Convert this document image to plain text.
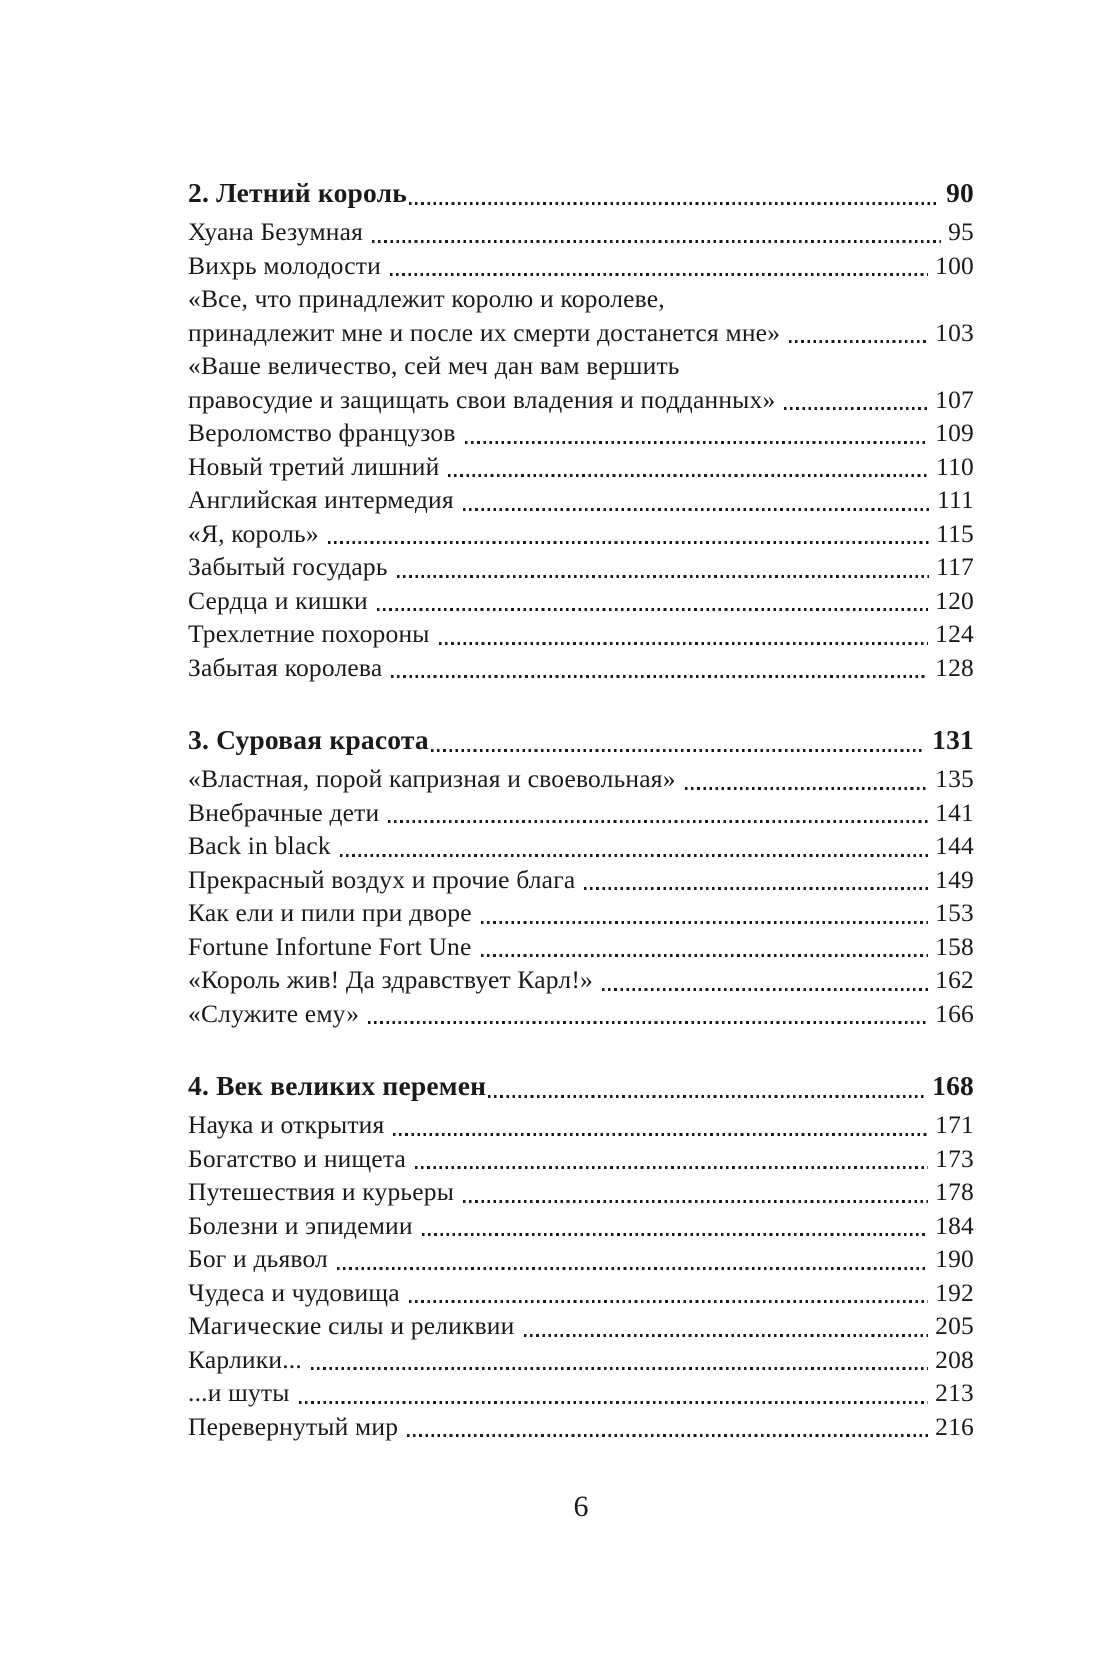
2. Летний король	90
Хуана Безумная	95
Вихрь молодости	100
«Все, что принадлежит королю и королеве,
принадлежит мне и после их смерти достанется мне»	103
«Ваше величество, сей меч дан вам вершить
правосудие и защищать свои владения и подданных»	107
Вероломство французов	109
Новый третий лишний	110
Английская интермедия	111
«Я, король»	115
Забытый государь	117
Сердца и кишки	120
Трехлетние похороны	124
Забытая королева	128
3. Суровая красота	131
«Властная, порой капризная и своевольная»	135
Внебрачные дети	141
Back in black	144
Прекрасный воздух и прочие блага	149
Как ели и пили при дворе	153
Fortune Infortune Fort Une	158
«Король жив! Да здравствует Карл!»	162
«Служите ему»	166
4. Век великих перемен	168
Наука и открытия	171
Богатство и нищета	173
Путешествия и курьеры	178
Болезни и эпидемии	184
Бог и дьявол	190
Чудеса и чудовища	192
Магические силы и реликвии	205
Карлики...	208
...и шуты	213
Перевернутый мир	216
6
